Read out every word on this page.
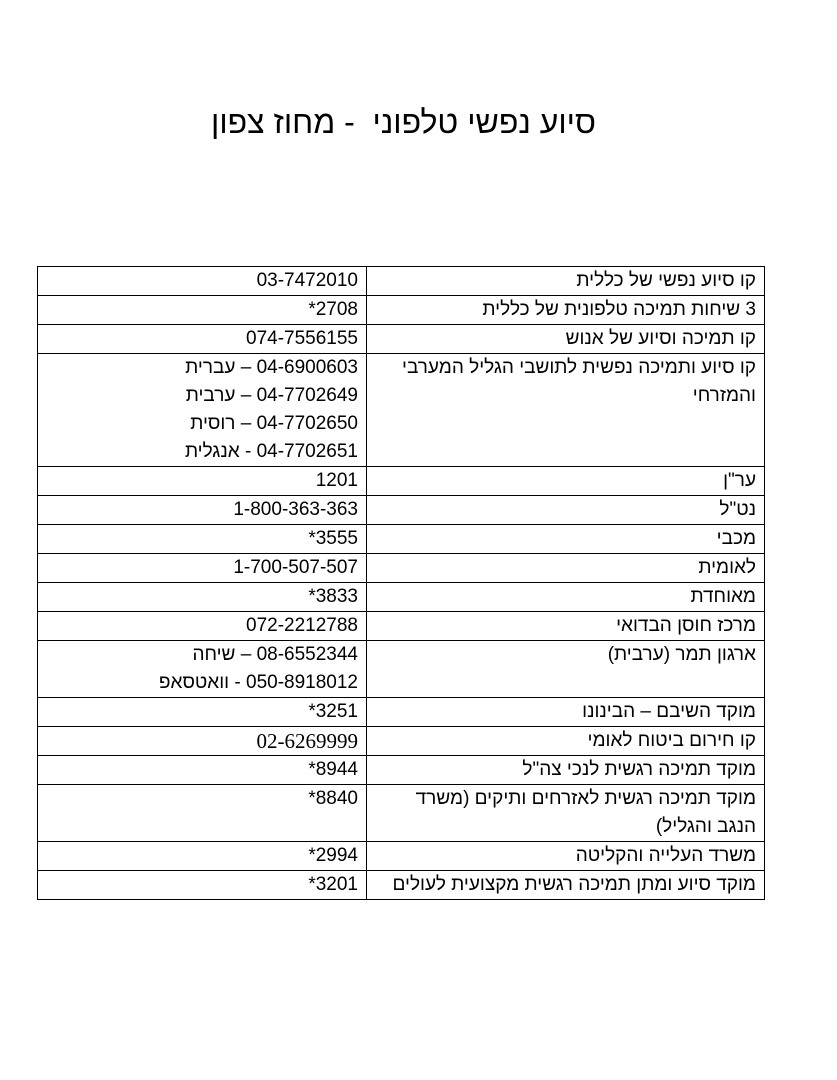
סיוע נפשי טלפוני  - מחוז צפון
03-7472010	קו סיוע נפשי של כללית

*2708	3 שיחות תמיכה טלפונית של כללית

074-7556155	קו תמיכה וסיוע של אנוש

04-6900603 – עברית
04-7702649 – ערבית
04-7702650 – רוסית
04-7702651 - אנגלית	קו סיוע ותמיכה נפשית לתושבי הגליל המערבי והמזרחי

1201	ער"ן

1-800-363-363	נט"ל

*3555	מכבי

1-700-507-507	לאומית

*3833	מאוחדת

072-2212788	מרכז חוסן הבדואי

08-6552344 – שיחה
050-8918012 - וואטסאפ	ארגון תמר (ערבית)

*3251	מוקד השיבם – הבינונו

02-6269999	קו חירום ביטוח לאומי

*8944	מוקד תמיכה רגשית לנכי צה"ל

*8840	מוקד תמיכה רגשית לאזרחים ותיקים (משרד הנגב והגליל)

*2994	משרד העלייה והקליטה

*3201	מוקד סיוע ומתן תמיכה רגשית מקצועית לעולים
